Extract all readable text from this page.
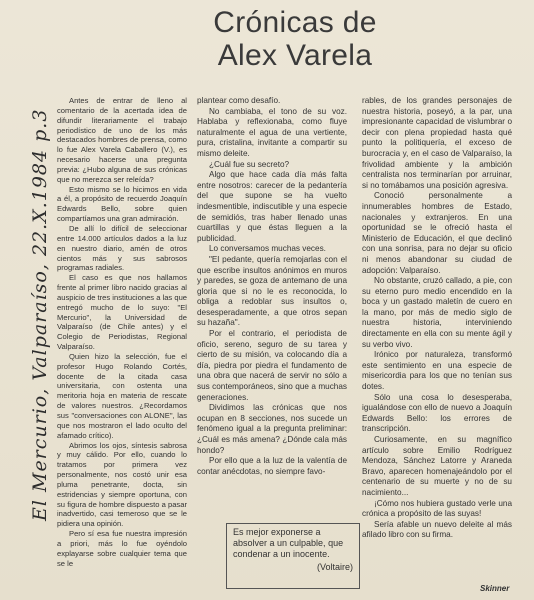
Crónicas de
Alex Varela
El Mercurio, Valparaíso, 22.X.1984 p.3

Antes de entrar de lleno al comentario de la acertada idea de difundir literariamente el trabajo periodístico de uno de los más destacados hombres de prensa, como lo fue Alex Varela Caballero (V.), es necesario hacerse una pregunta previa: ¿Hubo alguna de sus crónicas que no merezca ser releída?

Esto mismo se lo hicimos en vida a él, a propósito de recuerdo Joaquín Edwards Bello, sobre quien compartíamos una gran admiración.

De allí lo difícil de seleccionar entre 14.000 artículos dados a la luz en nuestro diario, amén de otros cientos más y sus sabrosos programas radiales.

El caso es que nos hallamos frente al primer libro nacido gracias al auspicio de tres instituciones a las que entregó mucho de lo suyo: "El Mercurio", la Universidad de Valparaíso (de Chile antes) y el Colegio de Periodistas, Regional Valparaíso.

Quien hizo la selección, fue el profesor Hugo Rolando Cortés, docente de la citada casa universitaria, con ostenta una meritoria hoja en materia de rescate de valores nuestros. ¿Recordamos sus "conversaciones con ALONE", las que nos mostraron el lado oculto del afamado crítico).

Abrimos los ojos, síntesis sabrosa y muy cálido. Por ello, cuando lo tratamos por primera vez personalmente, nos costó unir esa pluma penetrante, docta, sin estridencias y siempre oportuna, con su figura de hombre dispuesto a pasar inadvertido, casi temeroso que se le pidiera una opinión.

Pero sí esa fue nuestra impresión a priori, más lo fue oyéndolo explayarse sobre cualquier tema que se le

plantear como desafío.

No cambiaba, el tono de su voz. Hablaba y reflexionaba, como fluye naturalmente el agua de una vertiente, pura, cristalina, invitante a compartir su mismo deleite.

¿Cuál fue su secreto?

Algo que hace cada día más falta entre nosotros: carecer de la pedantería del que supone se ha vuelto indesmentible, indiscutible y una especie de semidiós, tras haber llenado unas cuartillas y que éstas lleguen a la publicidad.

Lo conversamos muchas veces.

"El pedante, quería remojarlas con el que escribe insultos anónimos en muros y paredes, se goza de antemano de una gloria que si no le es reconocida, lo obliga a redoblar sus insultos o, desesperadamente, a que otros sepan su hazaña".

Por el contrario, el periodista de oficio, sereno, seguro de su tarea y cierto de su misión, va colocando día a día, piedra por piedra el fundamento de una obra que nacerá de servir no sólo a sus contemporáneos, sino que a muchas generaciones.

Dividimos las crónicas que nos ocupan en 8 secciones, nos sucede un fenómeno igual a la pregunta preliminar: ¿Cuál es más amena? ¿Dónde cala más hondo?

Por ello que a la luz de la valentía de contar anécdotas, no siempre favo-

rables, de los grandes personajes de nuestra historia, poseyó, a la par, una impresionante capacidad de vislumbrar o decir con plena propiedad hasta qué punto la politiquería, el exceso de burocracia y, en el caso de Valparaíso, la frivolidad ambiente y la ambición centralista nos terminarían por arruinar, si no tomábamos una posición agresiva.

Conoció personalmente a innumerables hombres de Estado, nacionales y extranjeros. En una oportunidad se le ofreció hasta el Ministerio de Educación, el que declinó con una sonrisa, para no dejar su oficio ni menos abandonar su ciudad de adopción: Valparaíso.

No obstante, cruzó callado, a pie, con su eterno puro medio encendido en la boca y un gastado maletín de cuero en la mano, por más de medio siglo de nuestra historia, interviniendo directamente en ella con su mente ágil y su verbo vivo.

Irónico por naturaleza, transformó este sentimiento en una especie de misericordia para los que no tenían sus dotes.

Sólo una cosa lo desesperaba, igualándose con ello de nuevo a Joaquín Edwards Bello: los errores de transcripción.

Curiosamente, en su magnífico artículo sobre Emilio Rodríguez Mendoza, Sánchez Latorre y Araneda Bravo, aparecen homenajeándolo por el centenario de su muerte y no de su nacimiento...

¡Cómo nos hubiera gustado verle una crónica a propósito de las suyas!

Sería afable un nuevo deleite al más afilado libro con su firma.

Es mejor exponerse a absolver a un culpable, que condenar a un inocente.
(Voltaire)
Skinner
